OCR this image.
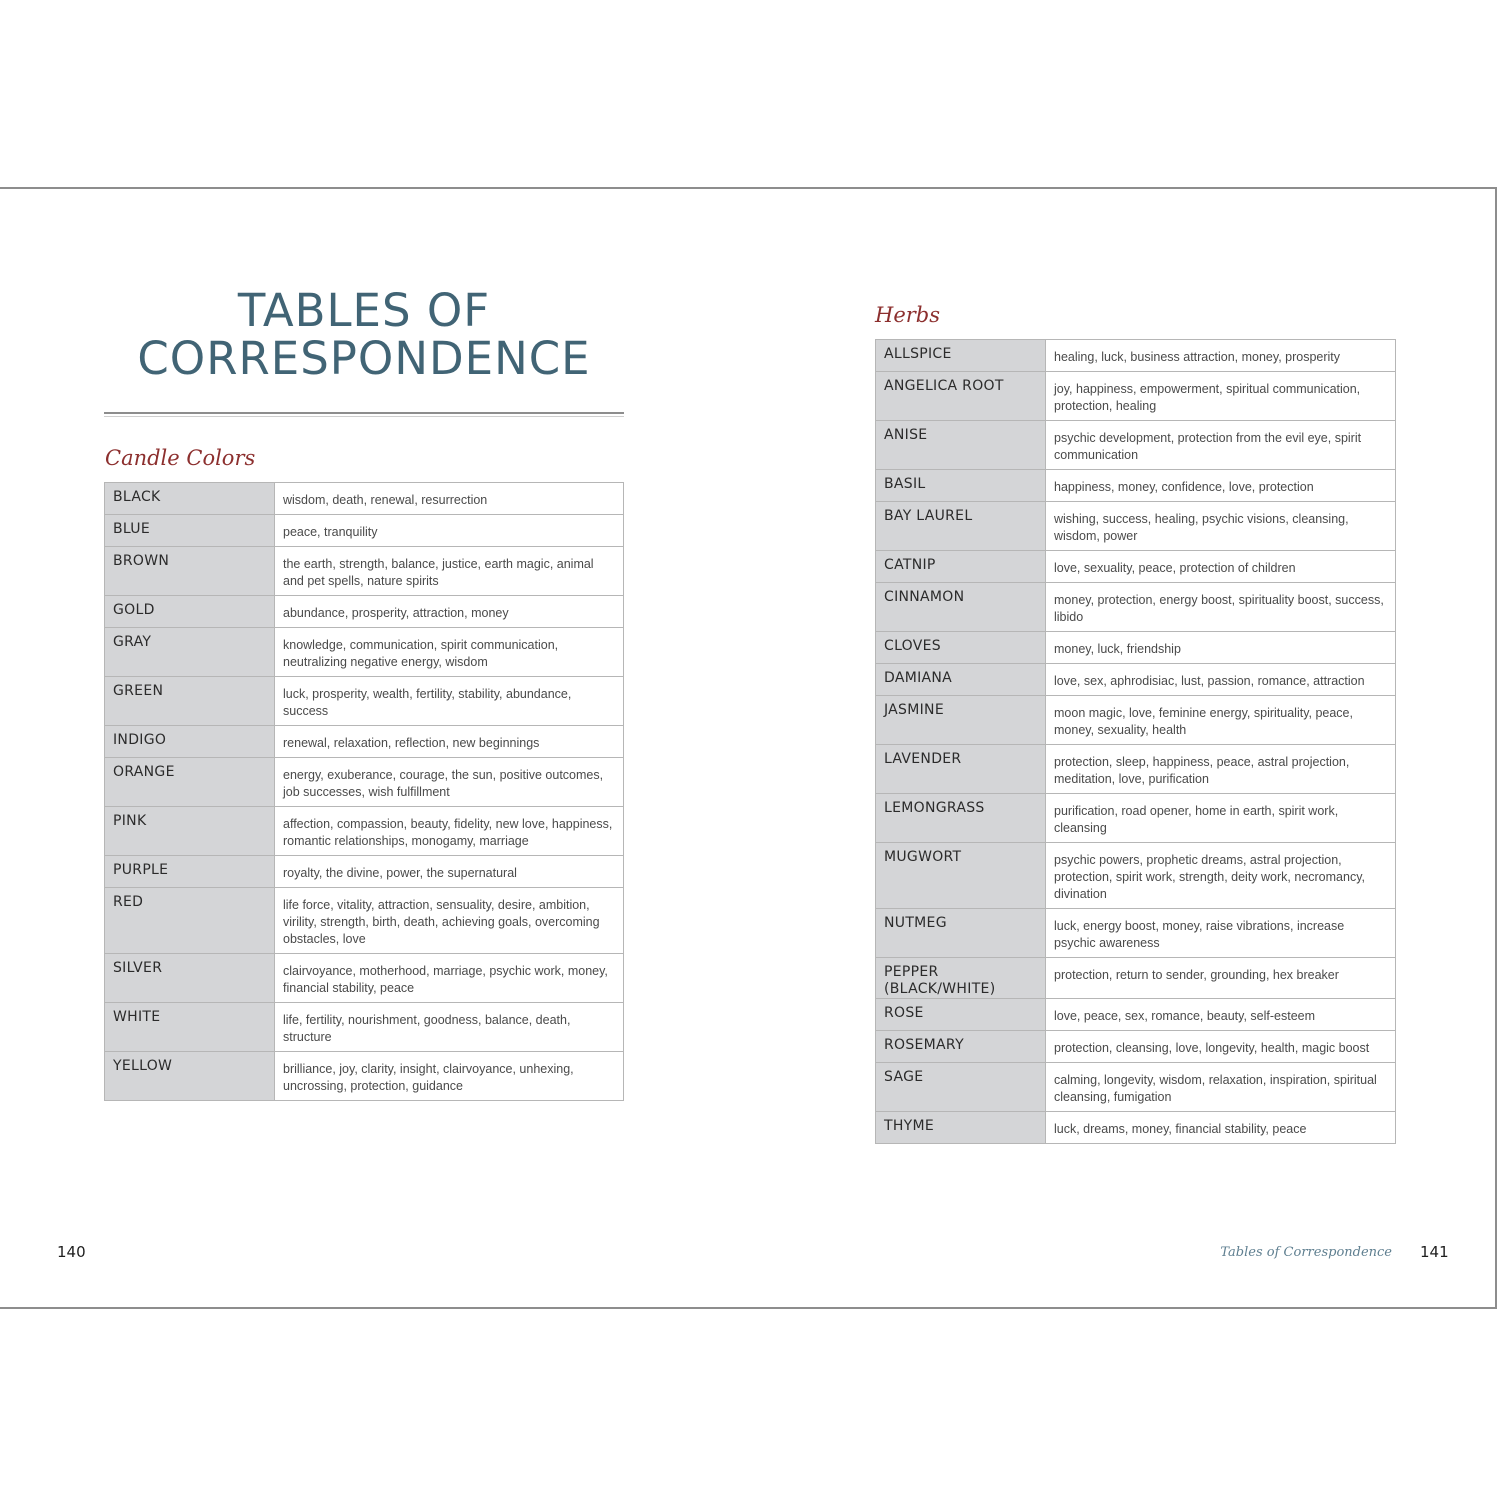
TABLES OF
CORRESPONDENCE
Candle Colors
BLACK	wisdom, death, renewal, resurrection
BLUE	peace, tranquility
BROWN	the earth, strength, balance, justice, earth magic, animal and pet spells, nature spirits
GOLD	abundance, prosperity, attraction, money
GRAY	knowledge, communication, spirit communication, neutralizing negative energy, wisdom
GREEN	luck, prosperity, wealth, fertility, stability, abundance, success
INDIGO	renewal, relaxation, reflection, new beginnings
ORANGE	energy, exuberance, courage, the sun, positive outcomes, job successes, wish fulfillment
PINK	affection, compassion, beauty, fidelity, new love, happiness, romantic relationships, monogamy, marriage
PURPLE	royalty, the divine, power, the supernatural
RED	life force, vitality, attraction, sensuality, desire, ambition, virility, strength, birth, death, achieving goals, overcoming obstacles, love
SILVER	clairvoyance, motherhood, marriage, psychic work, money, financial stability, peace
WHITE	life, fertility, nourishment, goodness, balance, death, structure
YELLOW	brilliance, joy, clarity, insight, clairvoyance, unhexing, uncrossing, protection, guidance
Herbs
ALLSPICE	healing, luck, business attraction, money, prosperity
ANGELICA ROOT	joy, happiness, empowerment, spiritual communication, protection, healing
ANISE	psychic development, protection from the evil eye, spirit communication
BASIL	happiness, money, confidence, love, protection
BAY LAUREL	wishing, success, healing, psychic visions, cleansing, wisdom, power
CATNIP	love, sexuality, peace, protection of children
CINNAMON	money, protection, energy boost, spirituality boost, success, libido
CLOVES	money, luck, friendship
DAMIANA	love, sex, aphrodisiac, lust, passion, romance, attraction
JASMINE	moon magic, love, feminine energy, spirituality, peace, money, sexuality, health
LAVENDER	protection, sleep, happiness, peace, astral projection, meditation, love, purification
LEMONGRASS	purification, road opener, home in earth, spirit work, cleansing
MUGWORT	psychic powers, prophetic dreams, astral projection, protection, spirit work, strength, deity work, necromancy, divination
NUTMEG	luck, energy boost, money, raise vibrations, increase psychic awareness
PEPPER (BLACK/WHITE)	protection, return to sender, grounding, hex breaker
ROSE	love, peace, sex, romance, beauty, self-esteem
ROSEMARY	protection, cleansing, love, longevity, health, magic boost
SAGE	calming, longevity, wisdom, relaxation, inspiration, spiritual cleansing, fumigation
THYME	luck, dreams, money, financial stability, peace

140	Tables of Correspondence 141
